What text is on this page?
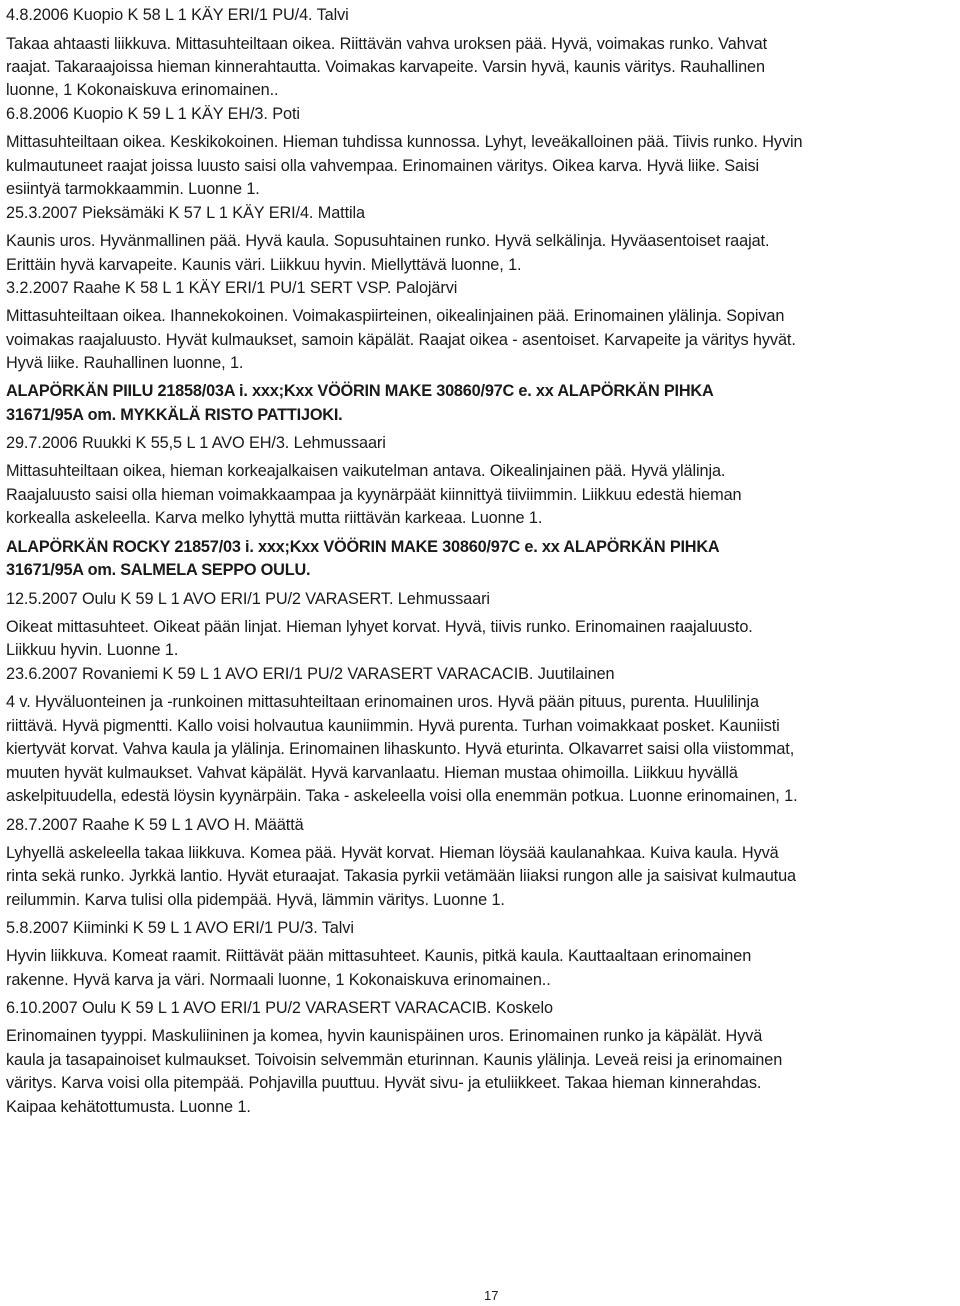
4.8.2006 Kuopio K 58 L 1 KÄY ERI/1 PU/4. Talvi
Takaa ahtaasti liikkuva. Mittasuhteiltaan oikea. Riittävän vahva uroksen pää. Hyvä, voimakas runko. Vahvat
raajat. Takaraajoissa hieman kinnerahtautta. Voimakas karvapeite. Varsin hyvä, kaunis väritys. Rauhallinen
luonne, 1 Kokonaiskuva erinomainen..
6.8.2006 Kuopio K 59 L 1 KÄY EH/3. Poti
Mittasuhteiltaan oikea. Keskikokoinen. Hieman tuhdissa kunnossa. Lyhyt, leveäkalloinen pää. Tiivis runko. Hyvin
kulmautuneet raajat joissa luusto saisi olla vahvempaa. Erinomainen väritys. Oikea karva. Hyvä liike. Saisi
esiintyä tarmokkaammin. Luonne 1.
25.3.2007 Pieksämäki K 57 L 1 KÄY ERI/4. Mattila
Kaunis uros. Hyvänmallinen pää. Hyvä kaula. Sopusuhtainen runko. Hyvä selkälinja. Hyväasentoiset raajat.
Erittäin hyvä karvapeite. Kaunis väri. Liikkuu hyvin. Miellyttävä luonne, 1.
3.2.2007 Raahe K 58 L 1 KÄY ERI/1 PU/1 SERT VSP. Palojärvi
Mittasuhteiltaan oikea. Ihannekokoinen. Voimakaspiirteinen, oikealinjainen pää. Erinomainen ylälinja. Sopivan
voimakas raajaluusto. Hyvät kulmaukset, samoin käpälät. Raajat oikea - asentoiset. Karvapeite ja väritys hyvät.
Hyvä liike. Rauhallinen luonne, 1.
ALAPÖRKÄN PIILU 21858/03A i. xxx;Kxx VÖÖRIN MAKE 30860/97C e. xx ALAPÖRKÄN PIHKA
31671/95A om. MYKKÄLÄ RISTO PATTIJOKI.
29.7.2006 Ruukki K 55,5 L 1 AVO EH/3. Lehmussaari
Mittasuhteiltaan oikea, hieman korkeajalkaisen vaikutelman antava. Oikealinjainen pää. Hyvä ylälinja.
Raajaluusto saisi olla hieman voimakkaampaa ja kyynärpäät kiinnittyä tiiviimmin. Liikkuu edestä hieman
korkealla askeleella. Karva melko lyhyttä mutta riittävän karkeaa. Luonne 1.
ALAPÖRKÄN ROCKY 21857/03 i. xxx;Kxx VÖÖRIN MAKE 30860/97C e. xx ALAPÖRKÄN PIHKA
31671/95A om. SALMELA SEPPO OULU.
12.5.2007 Oulu K 59 L 1 AVO ERI/1 PU/2 VARASERT. Lehmussaari
Oikeat mittasuhteet. Oikeat pään linjat. Hieman lyhyet korvat. Hyvä, tiivis runko. Erinomainen raajaluusto.
Liikkuu hyvin. Luonne 1.
23.6.2007 Rovaniemi K 59 L 1 AVO ERI/1 PU/2 VARASERT VARACACIB. Juutilainen
4 v. Hyväluonteinen ja -runkoinen mittasuhteiltaan erinomainen uros. Hyvä pään pituus, purenta. Huulilinja
riittävä. Hyvä pigmentti. Kallo voisi holvautua kauniimmin. Hyvä purenta. Turhan voimakkaat posket. Kauniisti
kiertyvät korvat. Vahva kaula ja ylälinja. Erinomainen lihaskunto. Hyvä eturinta. Olkavarret saisi olla viistommat,
muuten hyvät kulmaukset. Vahvat käpälät. Hyvä karvanlaatu. Hieman mustaa ohimoilla. Liikkuu hyvällä
askelpituudella, edestä löysin kyynärpäin. Taka - askeleella voisi olla enemmän potkua. Luonne erinomainen, 1.
28.7.2007 Raahe K 59 L 1 AVO H. Määttä
Lyhyellä askeleella takaa liikkuva. Komea pää. Hyvät korvat. Hieman löysää kaulanahkaa. Kuiva kaula. Hyvä
rinta sekä runko. Jyrkkä lantio. Hyvät eturaajat. Takasia pyrkii vetämään liiaksi rungon alle ja saisivat kulmautua
reilummin. Karva tulisi olla pidempää. Hyvä, lämmin väritys. Luonne 1.
5.8.2007 Kiiminki K 59 L 1 AVO ERI/1 PU/3. Talvi
Hyvin liikkuva. Komeat raamit. Riittävät pään mittasuhteet. Kaunis, pitkä kaula. Kauttaaltaan erinomainen
rakenne. Hyvä karva ja väri. Normaali luonne, 1 Kokonaiskuva erinomainen..
6.10.2007 Oulu K 59 L 1 AVO ERI/1 PU/2 VARASERT VARACACIB. Koskelo
Erinomainen tyyppi. Maskuliininen ja komea, hyvin kaunispäinen uros. Erinomainen runko ja käpälät. Hyvä
kaula ja tasapainoiset kulmaukset. Toivoisin selvemmän eturinnan. Kaunis ylälinja. Leveä reisi ja erinomainen
väritys. Karva voisi olla pitempää. Pohjavilla puuttuu. Hyvät sivu- ja etuliikkeet. Takaa hieman kinnerahdas.
Kaipaa kehätottumusta. Luonne 1.
17
